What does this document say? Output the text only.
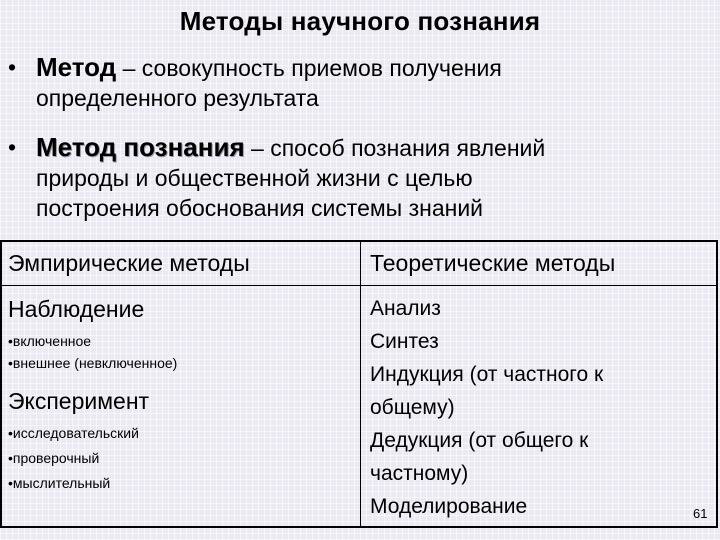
Методы научного познания
• Метод – совокупность приемов получения
определенного результата
• Метод познания – способ познания явлений
природы и общественной жизни с целью
построения обоснования системы знаний
Эмпирические методы	Теоретические методы
Наблюдение
•включенное
•внешнее (невключенное)
Эксперимент
•исследовательский
•проверочный
•мыслительный
Анализ
Синтез
Индукция (от частного к
общему)
Дедукция (от общего к
частному)
Моделирование	61
